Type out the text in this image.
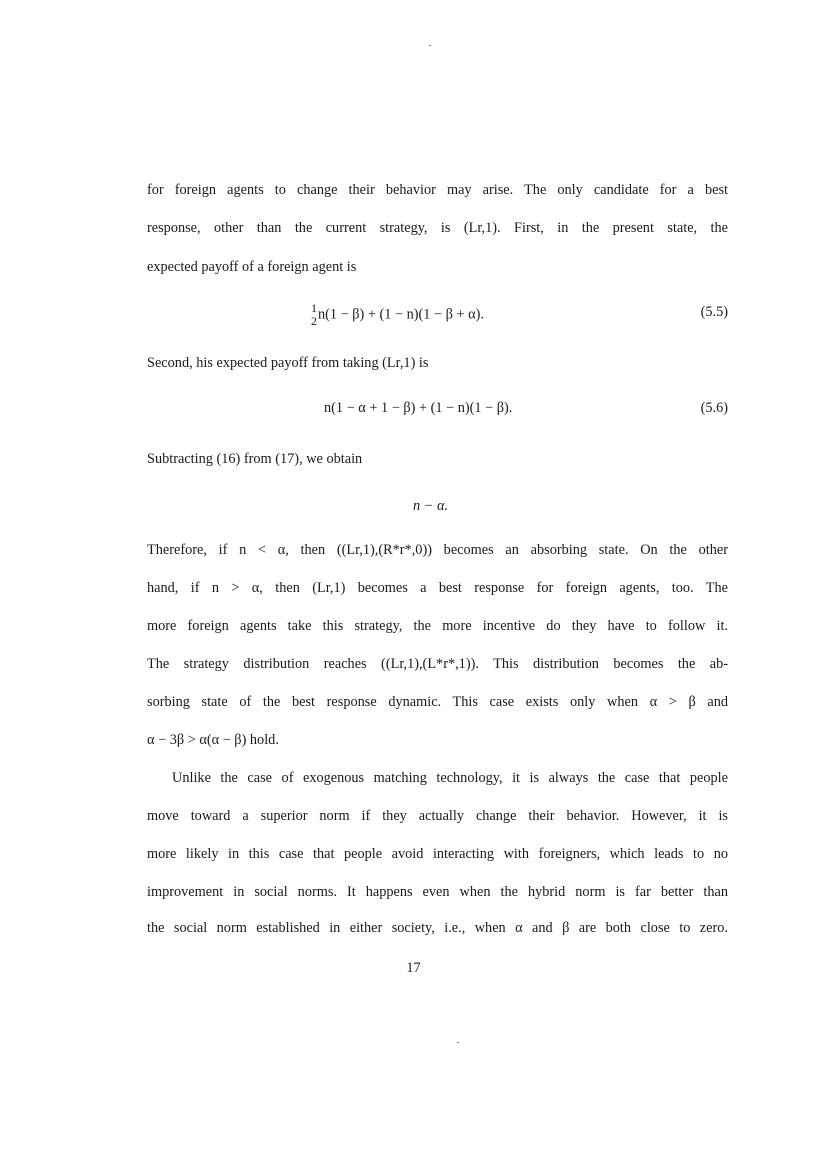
for foreign agents to change their behavior may arise. The only candidate for a best
response, other than the current strategy, is (Lr,1). First, in the present state, the
expected payoff of a foreign agent is
1
2 n(1 − β) + (1 − n)(1 − β + α).	(5.5)
Second, his expected payoff from taking (Lr,1) is
n(1 − α + 1 − β) + (1 − n)(1 − β).	(5.6)
Subtracting (16) from (17), we obtain
n − α.
Therefore, if n < α, then ((Lr,1),(R*r*,0)) becomes an absorbing state. On the other
hand, if n > α, then (Lr,1) becomes a best response for foreign agents, too. The
more foreign agents take this strategy, the more incentive do they have to follow it.
The strategy distribution reaches ((Lr,1),(L*r*,1)). This distribution becomes the ab-
sorbing state of the best response dynamic. This case exists only when α > β and
α − 3β > α(α − β) hold.
Unlike the case of exogenous matching technology, it is always the case that people
move toward a superior norm if they actually change their behavior. However, it is
more likely in this case that people avoid interacting with foreigners, which leads to no
improvement in social norms. It happens even when the hybrid norm is far better than
the social norm established in either society, i.e., when α and β are both close to zero.
17
